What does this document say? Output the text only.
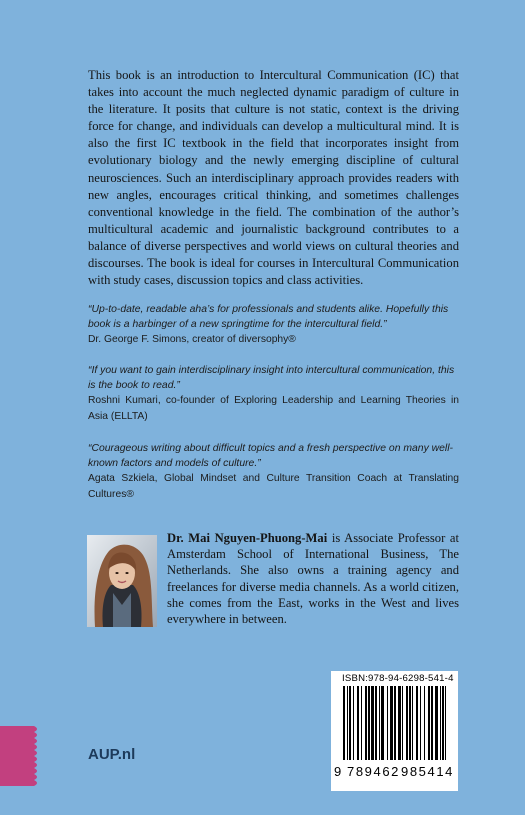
This book is an introduction to Intercultural Communication (IC) that takes into account the much neglected dynamic paradigm of culture in the literature. It posits that culture is not static, context is the driving force for change, and individuals can develop a multicultural mind. It is also the first IC textbook in the field that incorporates insight from evolutionary biology and the newly emerging discipline of cultural neurosciences. Such an interdisciplinary approach provides readers with new angles, encourages critical thinking, and sometimes challenges conventional knowledge in the field. The combination of the author’s multicultural academic and journalistic background contributes to a balance of diverse perspectives and world views on cultural theories and discourses. The book is ideal for courses in Intercultural Communication with study cases, discussion topics and class activities.

“Up-to-date, readable aha’s for professionals and students alike. Hopefully this book is a harbinger of a new springtime for the intercultural field.”

Dr. George F. Simons, creator of diversophy®

“If you want to gain interdisciplinary insight into intercultural communication, this is the book to read.”

Roshni Kumari, co-founder of Exploring Leadership and Learning Theories in Asia (ELLTA)

“Courageous writing about difficult topics and a fresh perspective on many well-known factors and models of culture.”

Agata Szkiela, Global Mindset and Culture Transition Coach at Translating Cultures®

Dr. Mai Nguyen-Phuong-Mai is Associate Professor at Amsterdam School of International Business, The Netherlands. She also owns a training agency and freelances for diverse media channels. As a world citizen, she comes from the East, works in the West and lives everywhere in between.

ISBN:978-94-6298-541-4
9 789462 985414
AUP.nl
